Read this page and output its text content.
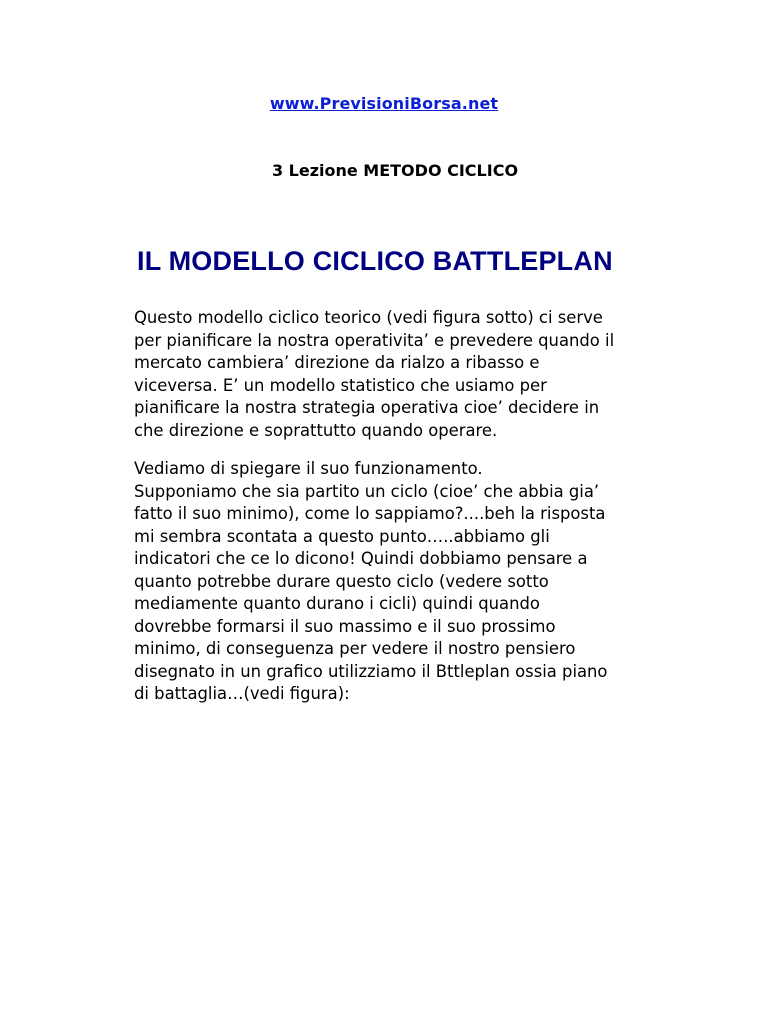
www.PrevisioniBorsa.net
3 Lezione METODO CICLICO
IL MODELLO CICLICO BATTLEPLAN
Questo modello ciclico teorico (vedi figura sotto) ci serve
per pianificare la nostra operativita’ e prevedere quando il
mercato cambiera’ direzione da rialzo a ribasso e
viceversa. E’ un modello statistico che usiamo per
pianificare la nostra strategia operativa cioe’ decidere in
che direzione e soprattutto quando operare.
Vediamo di spiegare il suo funzionamento.
Supponiamo che sia partito un ciclo (cioe’ che abbia gia’
fatto il suo minimo), come lo sappiamo?....beh la risposta
mi sembra scontata a questo punto…..abbiamo gli
indicatori che ce lo dicono! Quindi dobbiamo pensare a
quanto potrebbe durare questo ciclo (vedere sotto
mediamente quanto durano i cicli) quindi quando
dovrebbe formarsi il suo massimo e il suo prossimo
minimo, di conseguenza per vedere il nostro pensiero
disegnato in un grafico utilizziamo il Bttleplan ossia piano
di battaglia…(vedi figura):
